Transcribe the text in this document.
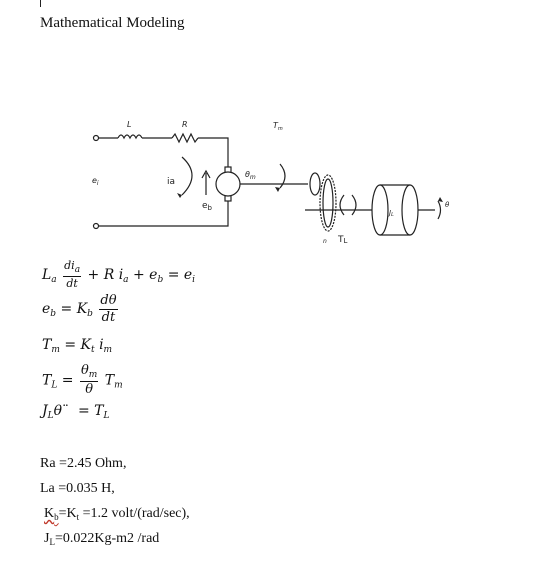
Mathematical Modeling
L	R
$e_i$	ia
$e_b$
$\theta_m$
$T_m$
n TL
JL
θ
$L_a \frac{di_a}{dt} + R$ $i_a + e_b = e_i$
$e_b = K_b \frac{d\theta}{dt}$
$T_m = K_t$ $i_m$
$T_L = \frac{\theta_m}{\theta} T_m$
$J_L\theta¨ = T_L$
Ra =2.45 Ohm,
La =0.035 H,
$K_b=K_t =1.2$ volt/(rad/sec),
$J_L=0.022Kg-m2$ /rad
